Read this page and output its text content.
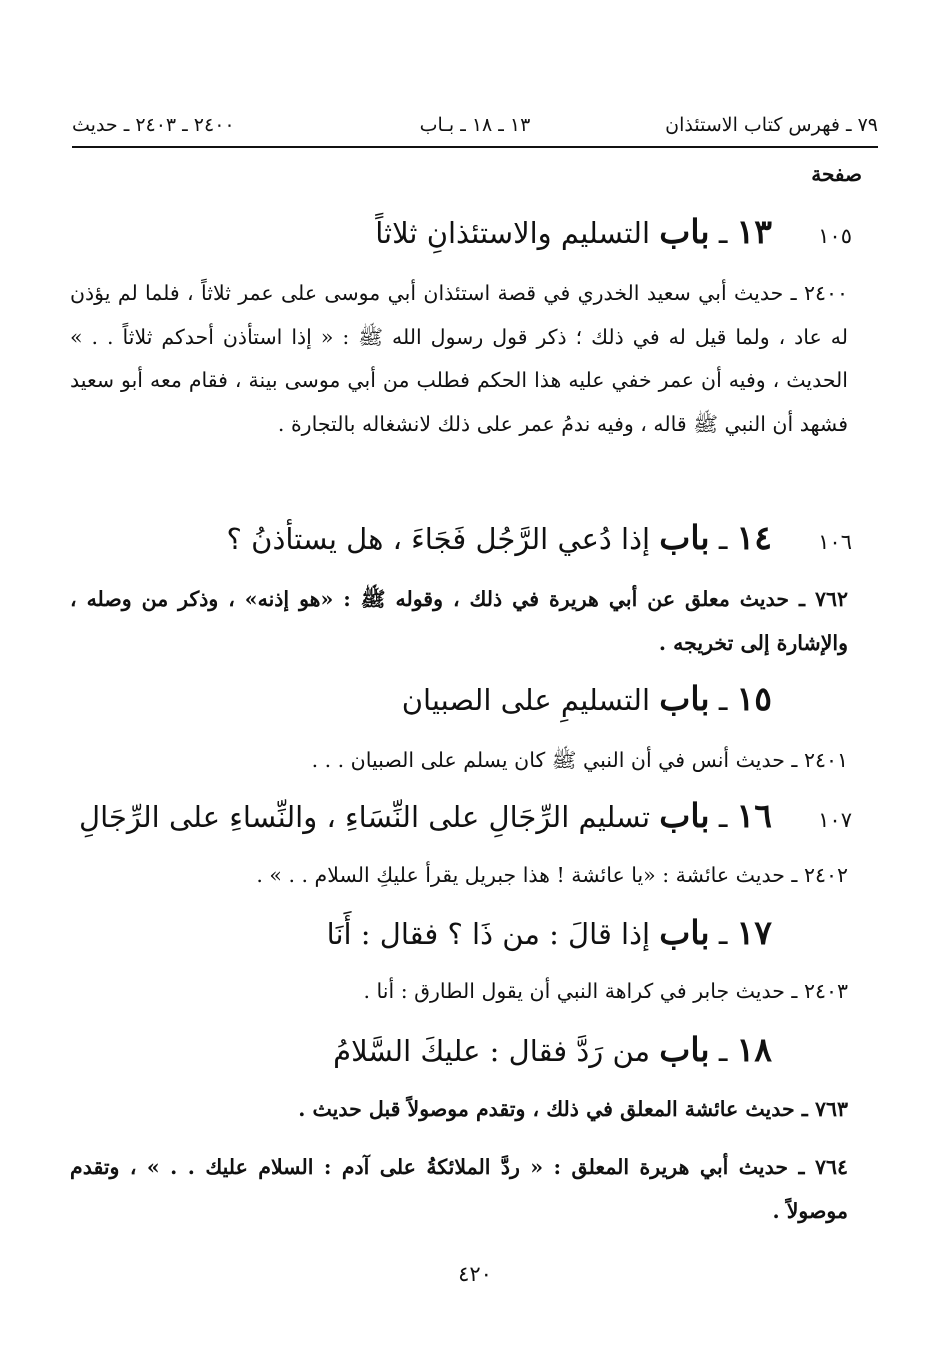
٧٩ ـ فهرس كتاب الاستئذان
١٣ ـ ١٨ ـ بـاب
٢٤٠٠ ـ ٢٤٠٣ ـ حديث
صفحة
١٠٥
١٣ ـ باب التسليم والاستئذانِ ثلاثاً
٢٤٠٠ ـ حديث أبي سعيد الخدري في قصة استئذان أبي موسى على عمر ثلاثاً ، فلما لم يؤذن له عاد ، ولما قيل له في ذلك ؛ ذكر قول رسول الله ﷺ : « إذا استأذن أحدكم ثلاثاً . . » الحديث ، وفيه أن عمر خفي عليه هذا الحكم فطلب من أبي موسى بينة ، فقام معه أبو سعيد فشهد أن النبي ﷺ قاله ، وفيه ندمُ عمر على ذلك لانشغاله بالتجارة .
١٠٦
١٤ ـ باب إذا دُعي الرَّجُل فَجَاءَ ، هل يستأذنُ ؟
٧٦٢ ـ حديث معلق عن أبي هريرة في ذلك ، وقوله ﷺ : «هو إذنه» ، وذكر من وصله ، والإشارة إلى تخريجه .
١٥ ـ باب التسليمِ على الصبيان
٢٤٠١ ـ حديث أنس في أن النبي ﷺ كان يسلم على الصبيان . . .
١٠٧
١٦ ـ باب تسليم الرِّجَالِ على النِّسَاءِ ، والنِّساءِ على الرِّجَالِ
٢٤٠٢ ـ حديث عائشة : «يا عائشة ! هذا جبريل يقرأ عليكِ السلام . . » .
١٧ ـ باب إذا قالَ : من ذَا ؟ فقال : أَنَا
٢٤٠٣ ـ حديث جابر في كراهة النبي أن يقول الطارق : أنا .
١٨ ـ باب من رَدَّ فقال : عليكَ السَّلامُ
٧٦٣ ـ حديث عائشة المعلق في ذلك ، وتقدم موصولاً قبل حديث .
٧٦٤ ـ حديث أبي هريرة المعلق : « ردَّ الملائكةُ على آدم : السلام عليك . . » ، وتقدم موصولاً .
٤٢٠
